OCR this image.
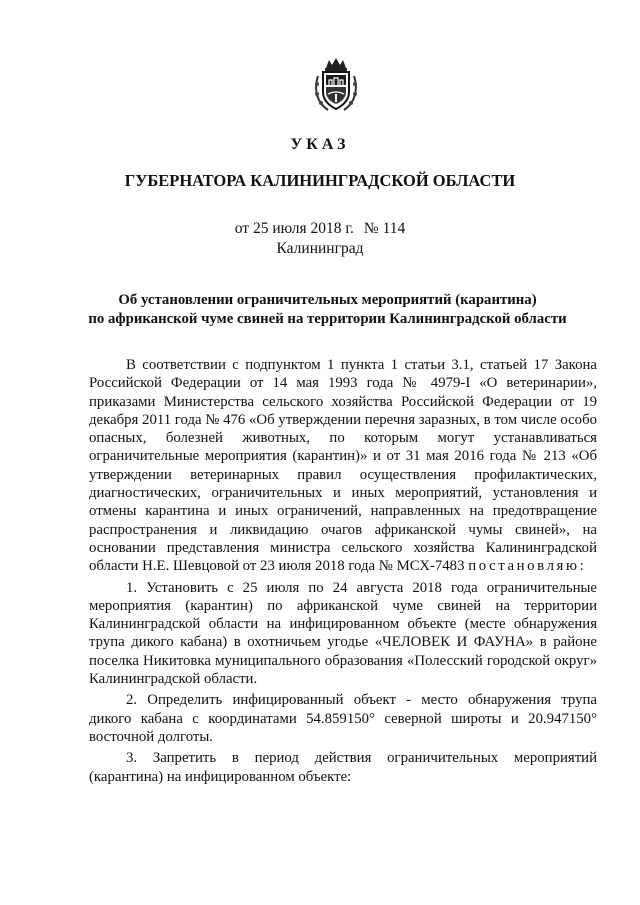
УКАЗ
ГУБЕРНАТОРА КАЛИНИНГРАДСКОЙ ОБЛАСТИ
от 25 июля 2018 г. № 114
Калининград
Об установлении ограничительных мероприятий (карантина)
по африканской чуме свиней на территории Калининградской области

В соответствии с подпунктом 1 пункта 1 статьи 3.1, статьей 17 Закона Российской Федерации от 14 мая 1993 года № 4979-I «О ветеринарии», приказами Министерства сельского хозяйства Российской Федерации от 19 декабря 2011 года № 476 «Об утверждении перечня заразных, в том числе особо опасных, болезней животных, по которым могут устанавливаться ограничительные мероприятия (карантин)» и от 31 мая 2016 года № 213 «Об утверждении ветеринарных правил осуществления профилактических, диагностических, ограничительных и иных мероприятий, установления и отмены карантина и иных ограничений, направленных на предотвращение распространения и ликвидацию очагов африканской чумы свиней», на основании представления министра сельского хозяйства Калининградской области Н.Е. Шевцовой от 23 июля 2018 года № МСХ-7483 постановляю:

1. Установить с 25 июля по 24 августа 2018 года ограничительные мероприятия (карантин) по африканской чуме свиней на территории Калининградской области на инфицированном объекте (месте обнаружения трупа дикого кабана) в охотничьем угодье «ЧЕЛОВЕК И ФАУНА» в районе поселка Никитовка муниципального образования «Полесский городской округ» Калининградской области.

2. Определить инфицированный объект - место обнаружения трупа дикого кабана с координатами 54.859150° северной широты и 20.947150° восточной долготы.

3. Запретить в период действия ограничительных мероприятий (карантина) на инфицированном объекте:
